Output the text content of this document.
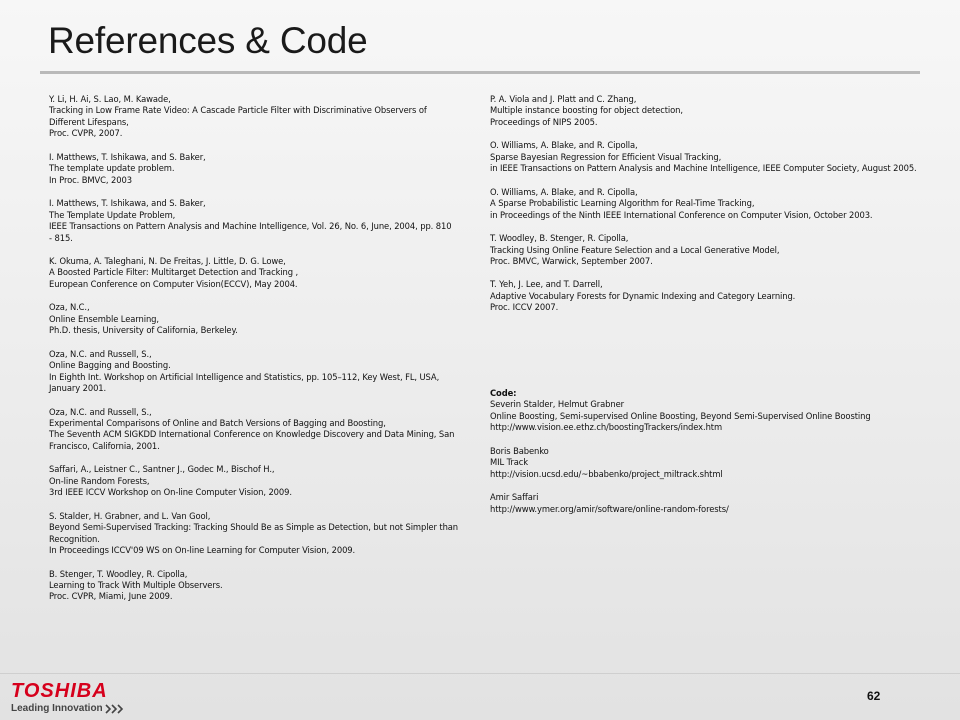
References & Code
Y. Li, H. Ai, S. Lao, M. Kawade,
Tracking in Low Frame Rate Video: A Cascade Particle Filter with Discriminative Observers of
Different Lifespans,
Proc. CVPR, 2007.
I. Matthews, T. Ishikawa, and S. Baker,
The template update problem.
In Proc. BMVC, 2003
I. Matthews, T. Ishikawa, and S. Baker,
The Template Update Problem,
IEEE Transactions on Pattern Analysis and Machine Intelligence, Vol. 26, No. 6, June, 2004, pp. 810
- 815.
K. Okuma, A. Taleghani, N. De Freitas, J. Little, D. G. Lowe,
A Boosted Particle Filter: Multitarget Detection and Tracking ,
European Conference on Computer Vision(ECCV), May 2004.
Oza, N.C.,
Online Ensemble Learning,
Ph.D. thesis, University of California, Berkeley.
Oza, N.C. and Russell, S.,
Online Bagging and Boosting.
In Eighth Int. Workshop on Artificial Intelligence and Statistics, pp. 105–112, Key West, FL, USA,
January 2001.
Oza, N.C. and Russell, S.,
Experimental Comparisons of Online and Batch Versions of Bagging and Boosting,
The Seventh ACM SIGKDD International Conference on Knowledge Discovery and Data Mining, San
Francisco, California, 2001.
Saffari, A., Leistner C., Santner J., Godec M., Bischof H.,
On-line Random Forests,
3rd IEEE ICCV Workshop on On-line Computer Vision, 2009.
S. Stalder, H. Grabner, and L. Van Gool,
Beyond Semi-Supervised Tracking: Tracking Should Be as Simple as Detection, but not Simpler than
Recognition.
In Proceedings ICCV'09 WS on On-line Learning for Computer Vision, 2009.
B. Stenger, T. Woodley, R. Cipolla,
Learning to Track With Multiple Observers.
Proc. CVPR, Miami, June 2009.
P. A. Viola and J. Platt and C. Zhang,
Multiple instance boosting for object detection,
Proceedings of NIPS 2005.
O. Williams, A. Blake, and R. Cipolla,
Sparse Bayesian Regression for Efficient Visual Tracking,
in IEEE Transactions on Pattern Analysis and Machine Intelligence, IEEE Computer Society, August 2005.
O. Williams, A. Blake, and R. Cipolla,
A Sparse Probabilistic Learning Algorithm for Real-Time Tracking,
in Proceedings of the Ninth IEEE International Conference on Computer Vision, October 2003.
T. Woodley, B. Stenger, R. Cipolla,
Tracking Using Online Feature Selection and a Local Generative Model,
Proc. BMVC, Warwick, September 2007.
T. Yeh, J. Lee, and T. Darrell,
Adaptive Vocabulary Forests for Dynamic Indexing and Category Learning.
Proc. ICCV 2007.
Code:
Severin Stalder, Helmut Grabner
Online Boosting, Semi-supervised Online Boosting, Beyond Semi-Supervised Online Boosting
http://www.vision.ee.ethz.ch/boostingTrackers/index.htm
Boris Babenko
MIL Track
http://vision.ucsd.edu/~bbabenko/project_miltrack.shtml
Amir Saffari
http://www.ymer.org/amir/software/online-random-forests/
TOSHIBA
Leading Innovation
62
